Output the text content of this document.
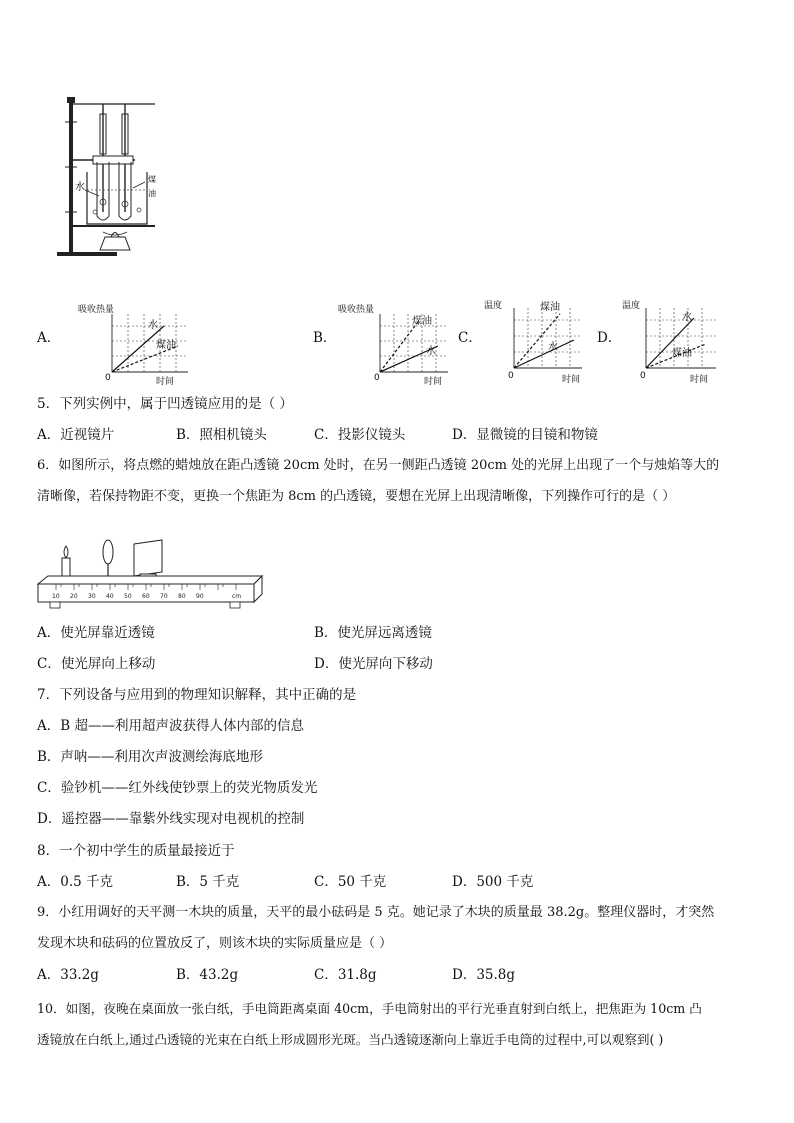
水
煤
油
A．
吸收热量
水
煤油
0	时间
B．
吸收热量
煤油
水
0	时间
C．
温度	煤油
水
0	时间
D．
温度
水
煤油
0	时间
5．下列实例中，属于凹透镜应用的是（ ）
A．近视镜片	B．照相机镜头	C．投影仪镜头	D．显微镜的目镜和物镜
6．如图所示，将点燃的蜡烛放在距凸透镜 20cm 处时，在另一侧距凸透镜 20cm 处的光屏上出现了一个与烛焰等大的
清晰像，若保持物距不变，更换一个焦距为 8cm 的凸透镜，要想在光屏上出现清晰像，下列操作可行的是（ ）
10 20 30 40 50 60 70 80 90	cm
A．使光屏靠近透镜	B．使光屏远离透镜
C．使光屏向上移动	D．使光屏向下移动
7．下列设备与应用到的物理知识解释，其中正确的是
A．B 超——利用超声波获得人体内部的信息
B．声呐——利用次声波测绘海底地形
C．验钞机——红外线使钞票上的荧光物质发光
D．遥控器——靠紫外线实现对电视机的控制
8．一个初中学生的质量最接近于
A．0.5 千克	B．5 千克	C．50 千克	D．500 千克
9．小红用调好的天平测一木块的质量，天平的最小砝码是 5 克。她记录了木块的质量最 38.2g。整理仪器时，才突然
发现木块和砝码的位置放反了，则该木块的实际质量应是（ ）
A．33.2g	B．43.2g	C．31.8g	D．35.8g
10．如图，夜晚在桌面放一张白纸，手电筒距离桌面 40cm，手电筒射出的平行光垂直射到白纸上，把焦距为 10cm 凸
透镜放在白纸上,通过凸透镜的光束在白纸上形成圆形光斑。当凸透镜逐渐向上靠近手电筒的过程中,可以观察到( )
